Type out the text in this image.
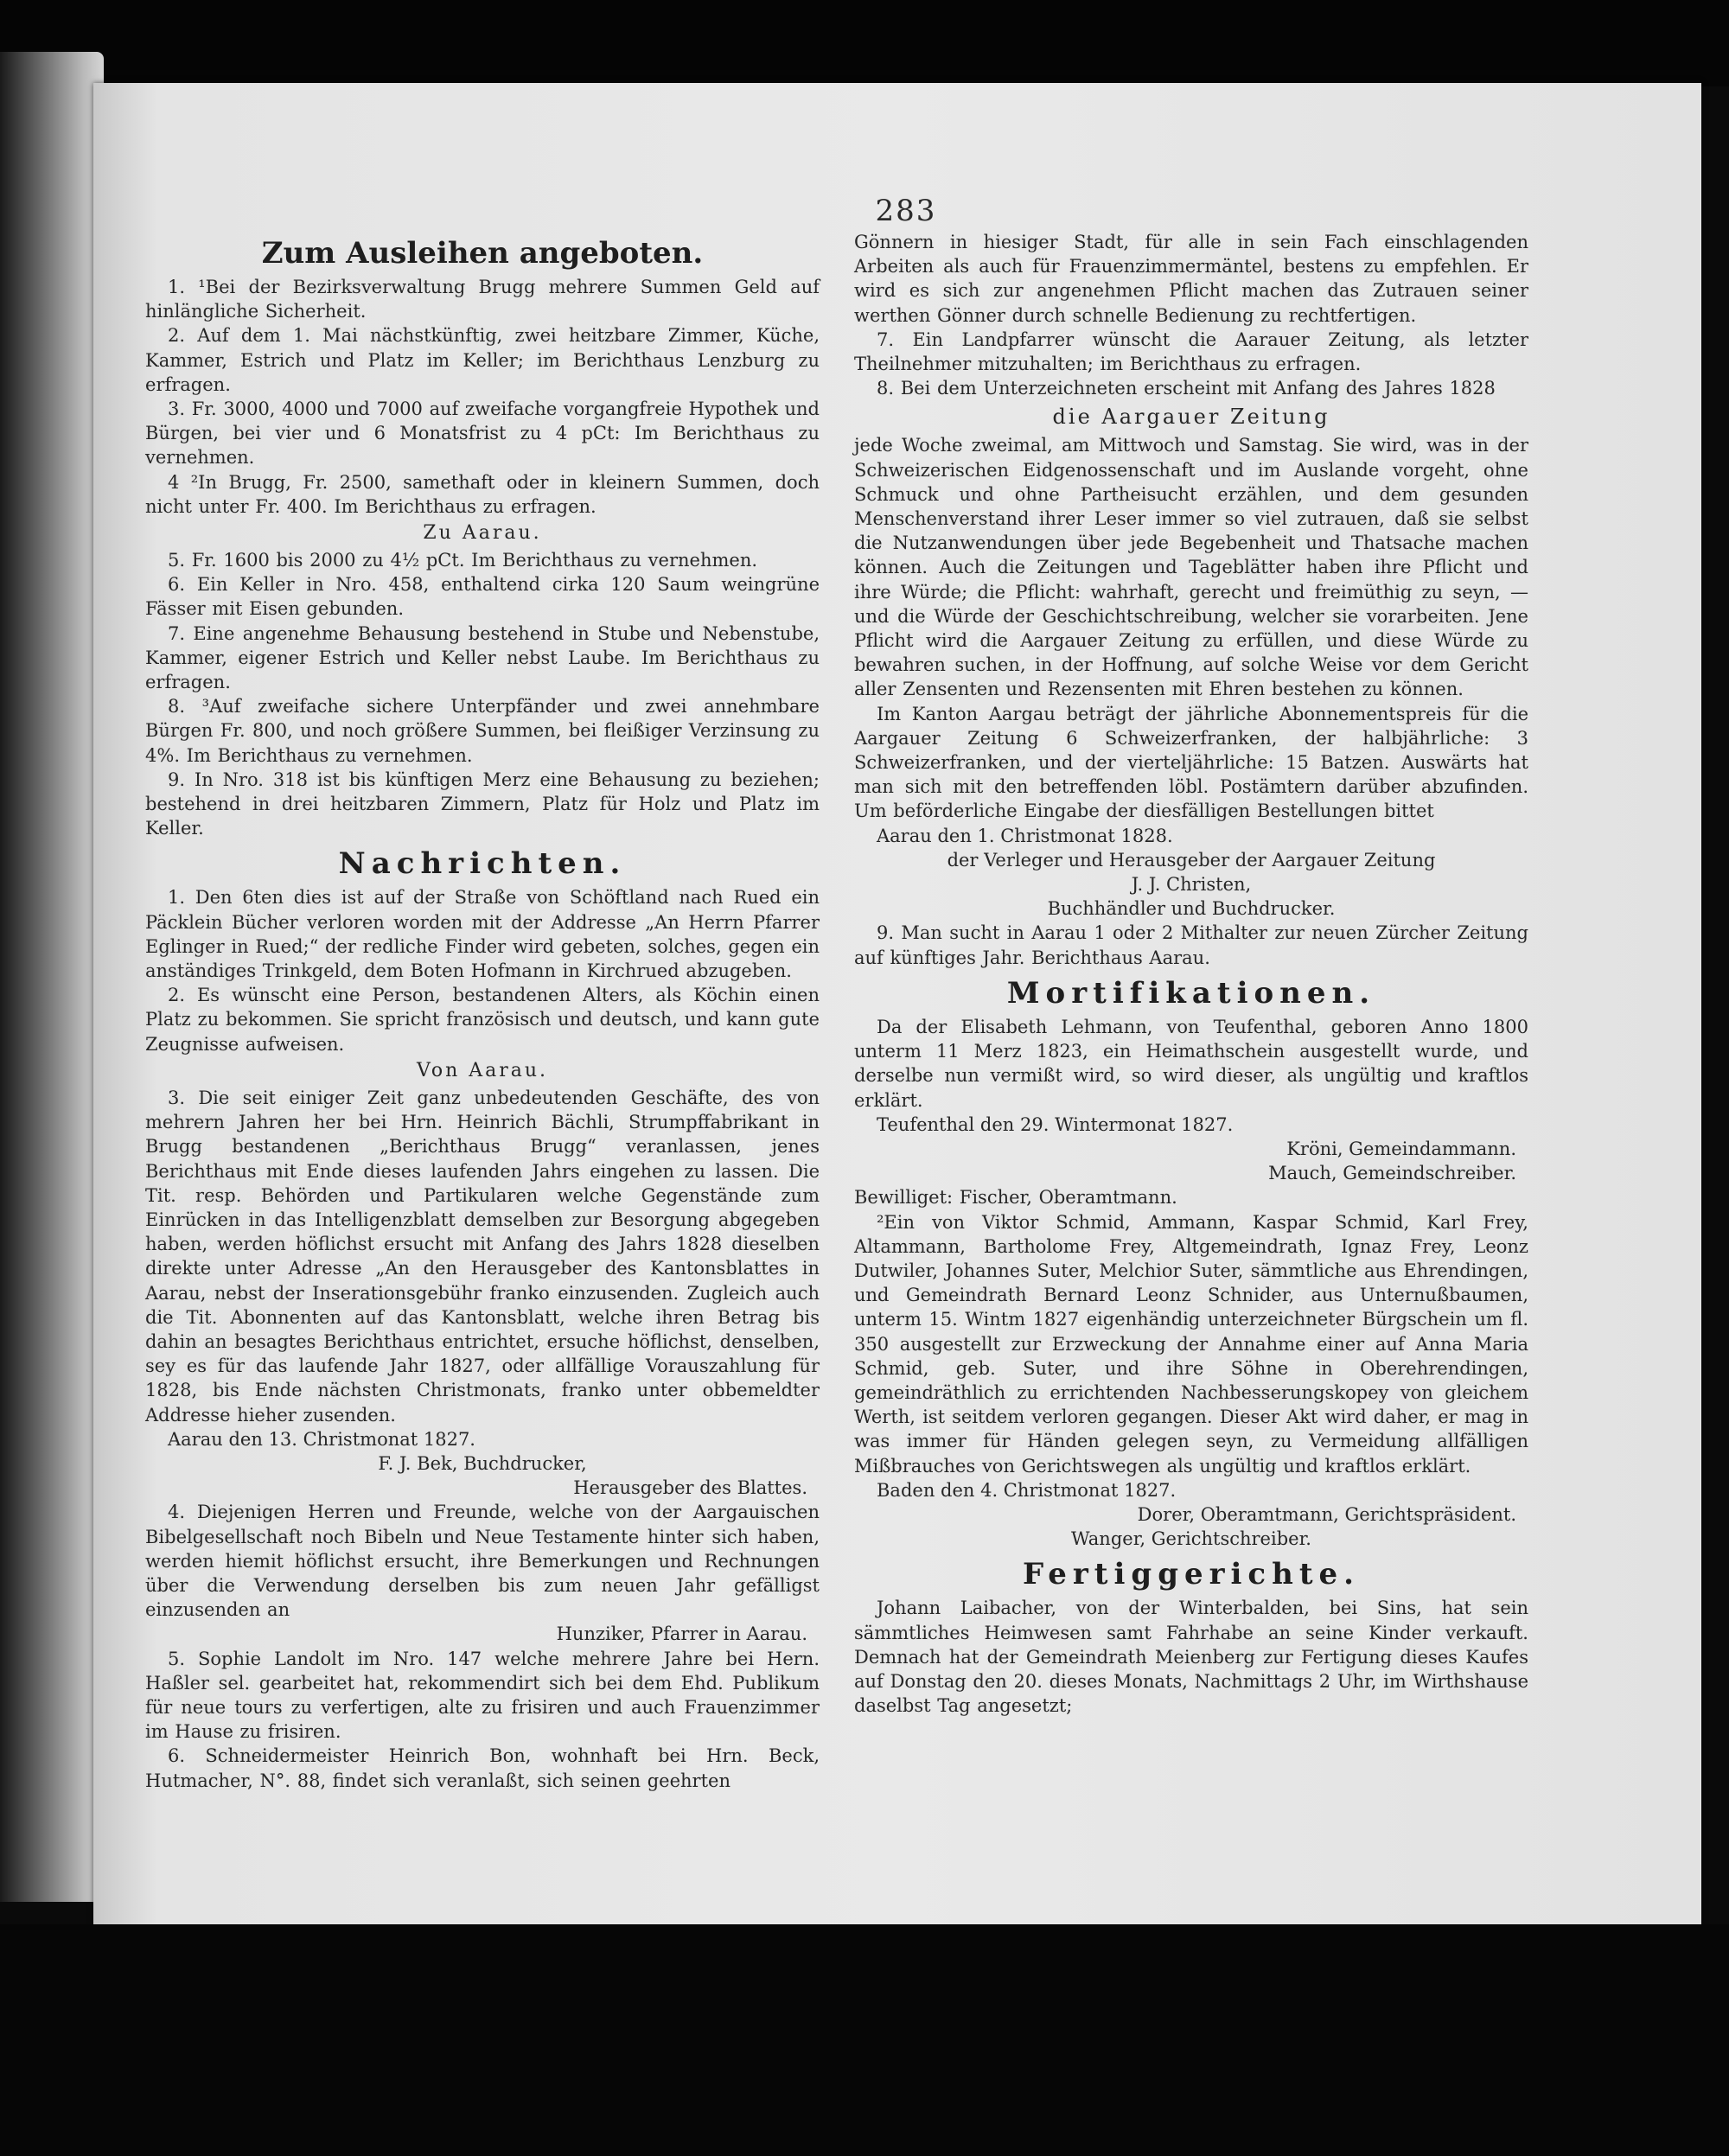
283
Zum Ausleihen angeboten.

1. ¹Bei der Bezirksverwaltung Brugg mehrere Summen Geld auf hinlängliche Sicherheit.

2. Auf dem 1. Mai nächstkünftig, zwei heitzbare Zimmer, Küche, Kammer, Estrich und Platz im Keller; im Berichthaus Lenzburg zu erfragen.

3. Fr. 3000, 4000 und 7000 auf zweifache vorgangfreie Hypothek und Bürgen, bei vier und 6 Monatsfrist zu 4 pCt: Im Berichthaus zu vernehmen.

4 ²In Brugg, Fr. 2500, samethaft oder in kleinern Summen, doch nicht unter Fr. 400. Im Berichthaus zu erfragen.

Zu Aarau.

5. Fr. 1600 bis 2000 zu 4½ pCt. Im Berichthaus zu vernehmen.

6. Ein Keller in Nro. 458, enthaltend cirka 120 Saum weingrüne Fässer mit Eisen gebunden.

7. Eine angenehme Behausung bestehend in Stube und Nebenstube, Kammer, eigener Estrich und Keller nebst Laube. Im Berichthaus zu erfragen.

8. ³Auf zweifache sichere Unterpfänder und zwei annehmbare Bürgen Fr. 800, und noch größere Summen, bei fleißiger Verzinsung zu 4%. Im Berichthaus zu vernehmen.

9. In Nro. 318 ist bis künftigen Merz eine Behausung zu beziehen; bestehend in drei heitzbaren Zimmern, Platz für Holz und Platz im Keller.

Nachrichten.

1. Den 6ten dies ist auf der Straße von Schöftland nach Rued ein Päcklein Bücher verloren worden mit der Addresse „An Herrn Pfarrer Eglinger in Rued;“ der redliche Finder wird gebeten, solches, gegen ein anständiges Trinkgeld, dem Boten Hofmann in Kirchrued abzugeben.

2. Es wünscht eine Person, bestandenen Alters, als Köchin einen Platz zu bekommen. Sie spricht französisch und deutsch, und kann gute Zeugnisse aufweisen.

Von Aarau.

3. Die seit einiger Zeit ganz unbedeutenden Geschäfte, des von mehrern Jahren her bei Hrn. Heinrich Bächli, Strumpffabrikant in Brugg bestandenen „Berichthaus Brugg“ veranlassen, jenes Berichthaus mit Ende dieses laufenden Jahrs eingehen zu lassen. Die Tit. resp. Behörden und Partikularen welche Gegenstände zum Einrücken in das Intelligenzblatt demselben zur Besorgung abgegeben haben, werden höflichst ersucht mit Anfang des Jahrs 1828 dieselben direkte unter Adresse „An den Herausgeber des Kantonsblattes in Aarau, nebst der Inserationsgebühr franko einzusenden. Zugleich auch die Tit. Abonnenten auf das Kantonsblatt, welche ihren Betrag bis dahin an besagtes Berichthaus entrichtet, ersuche höflichst, denselben, sey es für das laufende Jahr 1827, oder allfällige Vorauszahlung für 1828, bis Ende nächsten Christmonats, franko unter obbemeldter Addresse hieher zusenden.

Aarau den 13. Christmonat 1827.

F. J. Bek, Buchdrucker,

Herausgeber des Blattes.

4. Diejenigen Herren und Freunde, welche von der Aargauischen Bibelgesellschaft noch Bibeln und Neue Testamente hinter sich haben, werden hiemit höflichst ersucht, ihre Bemerkungen und Rechnungen über die Verwendung derselben bis zum neuen Jahr gefälligst einzusenden an

Hunziker, Pfarrer in Aarau.

5. Sophie Landolt im Nro. 147 welche mehrere Jahre bei Hern. Haßler sel. gearbeitet hat, rekommendirt sich bei dem Ehd. Publikum für neue tours zu verfertigen, alte zu frisiren und auch Frauenzimmer im Hause zu frisiren.

6. Schneidermeister Heinrich Bon, wohnhaft bei Hrn. Beck, Hutmacher, N°. 88, findet sich veranlaßt, sich seinen geehrten

Gönnern in hiesiger Stadt, für alle in sein Fach einschlagenden Arbeiten als auch für Frauenzimmermäntel, bestens zu empfehlen. Er wird es sich zur angenehmen Pflicht machen das Zutrauen seiner werthen Gönner durch schnelle Bedienung zu rechtfertigen.

7. Ein Landpfarrer wünscht die Aarauer Zeitung, als letzter Theilnehmer mitzuhalten; im Berichthaus zu erfragen.

8. Bei dem Unterzeichneten erscheint mit Anfang des Jahres 1828

die Aargauer Zeitung

jede Woche zweimal, am Mittwoch und Samstag. Sie wird, was in der Schweizerischen Eidgenossenschaft und im Auslande vorgeht, ohne Schmuck und ohne Partheisucht erzählen, und dem gesunden Menschenverstand ihrer Leser immer so viel zutrauen, daß sie selbst die Nutzanwendungen über jede Begebenheit und Thatsache machen können. Auch die Zeitungen und Tageblätter haben ihre Pflicht und ihre Würde; die Pflicht: wahrhaft, gerecht und freimüthig zu seyn, — und die Würde der Geschichtschreibung, welcher sie vorarbeiten. Jene Pflicht wird die Aargauer Zeitung zu erfüllen, und diese Würde zu bewahren suchen, in der Hoffnung, auf solche Weise vor dem Gericht aller Zensenten und Rezensenten mit Ehren bestehen zu können.

Im Kanton Aargau beträgt der jährliche Abonnementspreis für die Aargauer Zeitung 6 Schweizerfranken, der halbjährliche: 3 Schweizerfranken, und der vierteljährliche: 15 Batzen. Auswärts hat man sich mit den betreffenden löbl. Postämtern darüber abzufinden. Um beförderliche Eingabe der diesfälligen Bestellungen bittet

Aarau den 1. Christmonat 1828.

der Verleger und Herausgeber der Aargauer Zeitung

J. J. Christen,

Buchhändler und Buchdrucker.

9. Man sucht in Aarau 1 oder 2 Mithalter zur neuen Zürcher Zeitung auf künftiges Jahr. Berichthaus Aarau.

Mortifikationen.

Da der Elisabeth Lehmann, von Teufenthal, geboren Anno 1800 unterm 11 Merz 1823, ein Heimathschein ausgestellt wurde, und derselbe nun vermißt wird, so wird dieser, als ungültig und kraftlos erklärt.

Teufenthal den 29. Wintermonat 1827.

Kröni, Gemeindammann.

Mauch, Gemeindschreiber.

Bewilliget: Fischer, Oberamtmann.

²Ein von Viktor Schmid, Ammann, Kaspar Schmid, Karl Frey, Altammann, Bartholome Frey, Altgemeindrath, Ignaz Frey, Leonz Dutwiler, Johannes Suter, Melchior Suter, sämmtliche aus Ehrendingen, und Gemeindrath Bernard Leonz Schnider, aus Unternußbaumen, unterm 15. Wintm 1827 eigenhändig unterzeichneter Bürgschein um fl. 350 ausgestellt zur Erzweckung der Annahme einer auf Anna Maria Schmid, geb. Suter, und ihre Söhne in Oberehrendingen, gemeindräthlich zu errichtenden Nachbesserungskopey von gleichem Werth, ist seitdem verloren gegangen. Dieser Akt wird daher, er mag in was immer für Händen gelegen seyn, zu Vermeidung allfälligen Mißbrauches von Gerichtswegen als ungültig und kraftlos erklärt.

Baden den 4. Christmonat 1827.

Dorer, Oberamtmann, Gerichtspräsident.

Wanger, Gerichtschreiber.

Fertiggerichte.

Johann Laibacher, von der Winterbalden, bei Sins, hat sein sämmtliches Heimwesen samt Fahrhabe an seine Kinder verkauft. Demnach hat der Gemeindrath Meienberg zur Fertigung dieses Kaufes auf Donstag den 20. dieses Monats, Nachmittags 2 Uhr, im Wirthshause daselbst Tag angesetzt;
